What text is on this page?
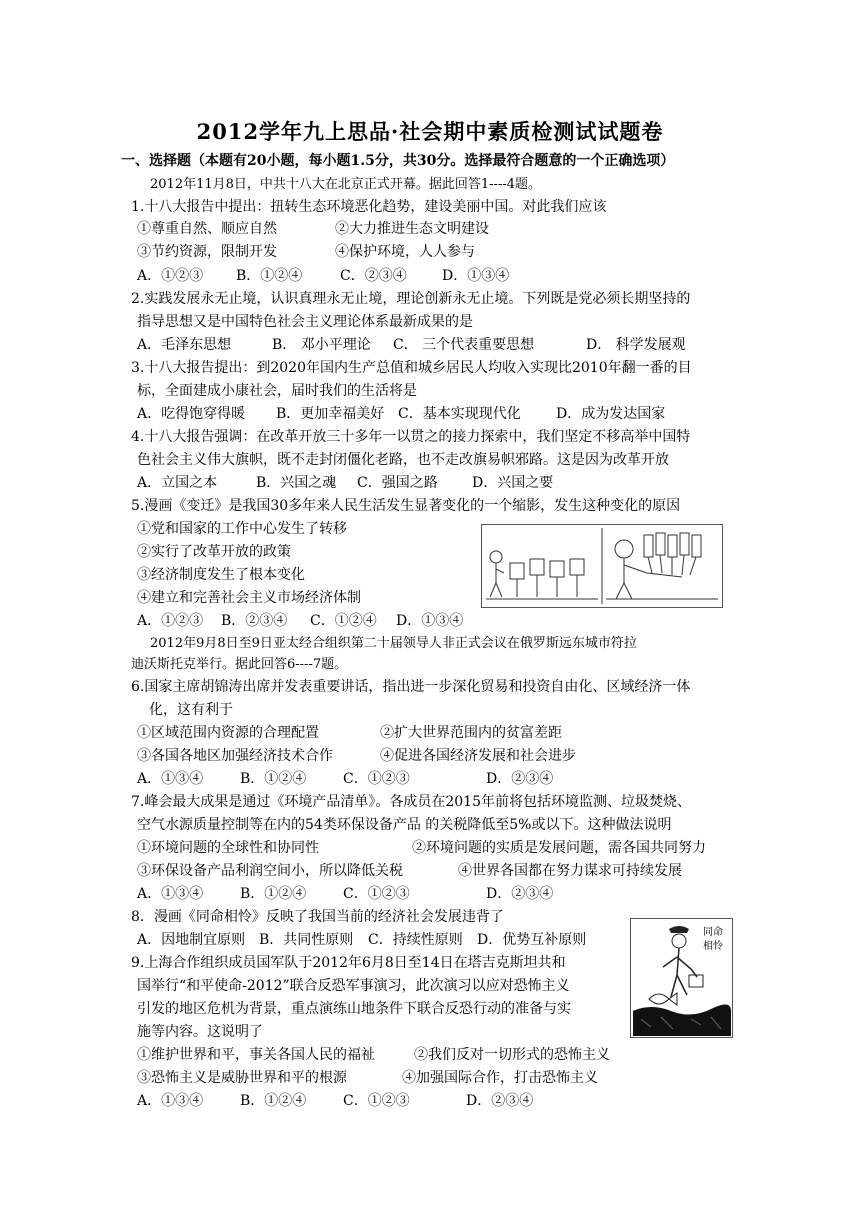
2012学年九上思品·社会期中素质检测试试题卷
一、选择题（本题有20小题，每小题1.5分，共30分。选择最符合题意的一个正确选项）
2012年11月8日，中共十八大在北京正式开幕。据此回答1----4题。
1.十八大报告中提出：扭转生态环境恶化趋势，建设美丽中国。对此我们应该
①尊重自然、顺应自然	②大力推进生态文明建设
③节约资源，限制开发	④保护环境，人人参与
A．①②③ B．①②④	C．②③④	D．①③④
2.实践发展永无止境，认识真理永无止境，理论创新永无止境。下列既是党必须长期坚持的
指导思想又是中国特色社会主义理论体系最新成果的是
A．毛泽东思想	B． 邓小平理论 C． 三个代表重要思想	D． 科学发展观
3.十八大报告提出：到2020年国内生产总值和城乡居民人均收入实现比2010年翻一番的目
标，全面建成小康社会，届时我们的生活将是
A．吃得饱穿得暖 B．更加幸福美好 C．基本实现现代化	D．成为发达国家
4.十八大报告强调：在改革开放三十多年一以贯之的接力探索中，我们坚定不移高举中国特
色社会主义伟大旗帜，既不走封闭僵化老路，也不走改旗易帜邪路。这是因为改革开放
A．立国之本	B．兴国之魂 C．强国之路 D．兴国之要
5.漫画《变迁》是我国30多年来人民生活发生显著变化的一个缩影，发生这种变化的原因
①党和国家的工作中心发生了转移
②实行了改革开放的政策
③经济制度发生了根本变化
④建立和完善社会主义市场经济体制
A．①②③ B．②③④ C．①②④ D．①③④
2012年9月8日至9日亚太经合组织第二十届领导人非正式会议在俄罗斯远东城市符拉
迪沃斯托克举行。据此回答6----7题。
6.国家主席胡锦涛出席并发表重要讲话，指出进一步深化贸易和投资自由化、区域经济一体
化，这有利于
①区域范围内资源的合理配置	②扩大世界范围内的贫富差距
③各国各地区加强经济技术合作	④促进各国经济发展和社会进步
A．①③④	B．①②④	C．①②③	D．②③④
7.峰会最大成果是通过《环境产品清单》。各成员在2015年前将包括环境监测、垃圾焚烧、
空气水源质量控制等在内的54类环保设备产品 的关税降低至5%或以下。这种做法说明
①环境问题的全球性和协同性	②环境问题的实质是发展问题，需各国共同努力
③环保设备产品利润空间小，所以降低关税	④世界各国都在努力谋求可持续发展
A．①③④	B．①②④	C．①②③	D．②③④
8．漫画《同命相怜》反映了我国当前的经济社会发展违背了
A．因地制宜原则 B．共同性原则 C．持续性原则 D．优势互补原则	同命
相怜
9.上海合作组织成员国军队于2012年6月8日至14日在塔吉克斯坦共和
国举行“和平使命-2012”联合反恐军事演习，此次演习以应对恐怖主义
引发的地区危机为背景，重点演练山地条件下联合反恐行动的准备与实
施等内容。这说明了
①维护世界和平，事关各国人民的福祉	②我们反对一切形式的恐怖主义
③恐怖主义是威胁世界和平的根源	④加强国际合作，打击恐怖主义
A．①③④	B．①②④	C．①②③	D．②③④
